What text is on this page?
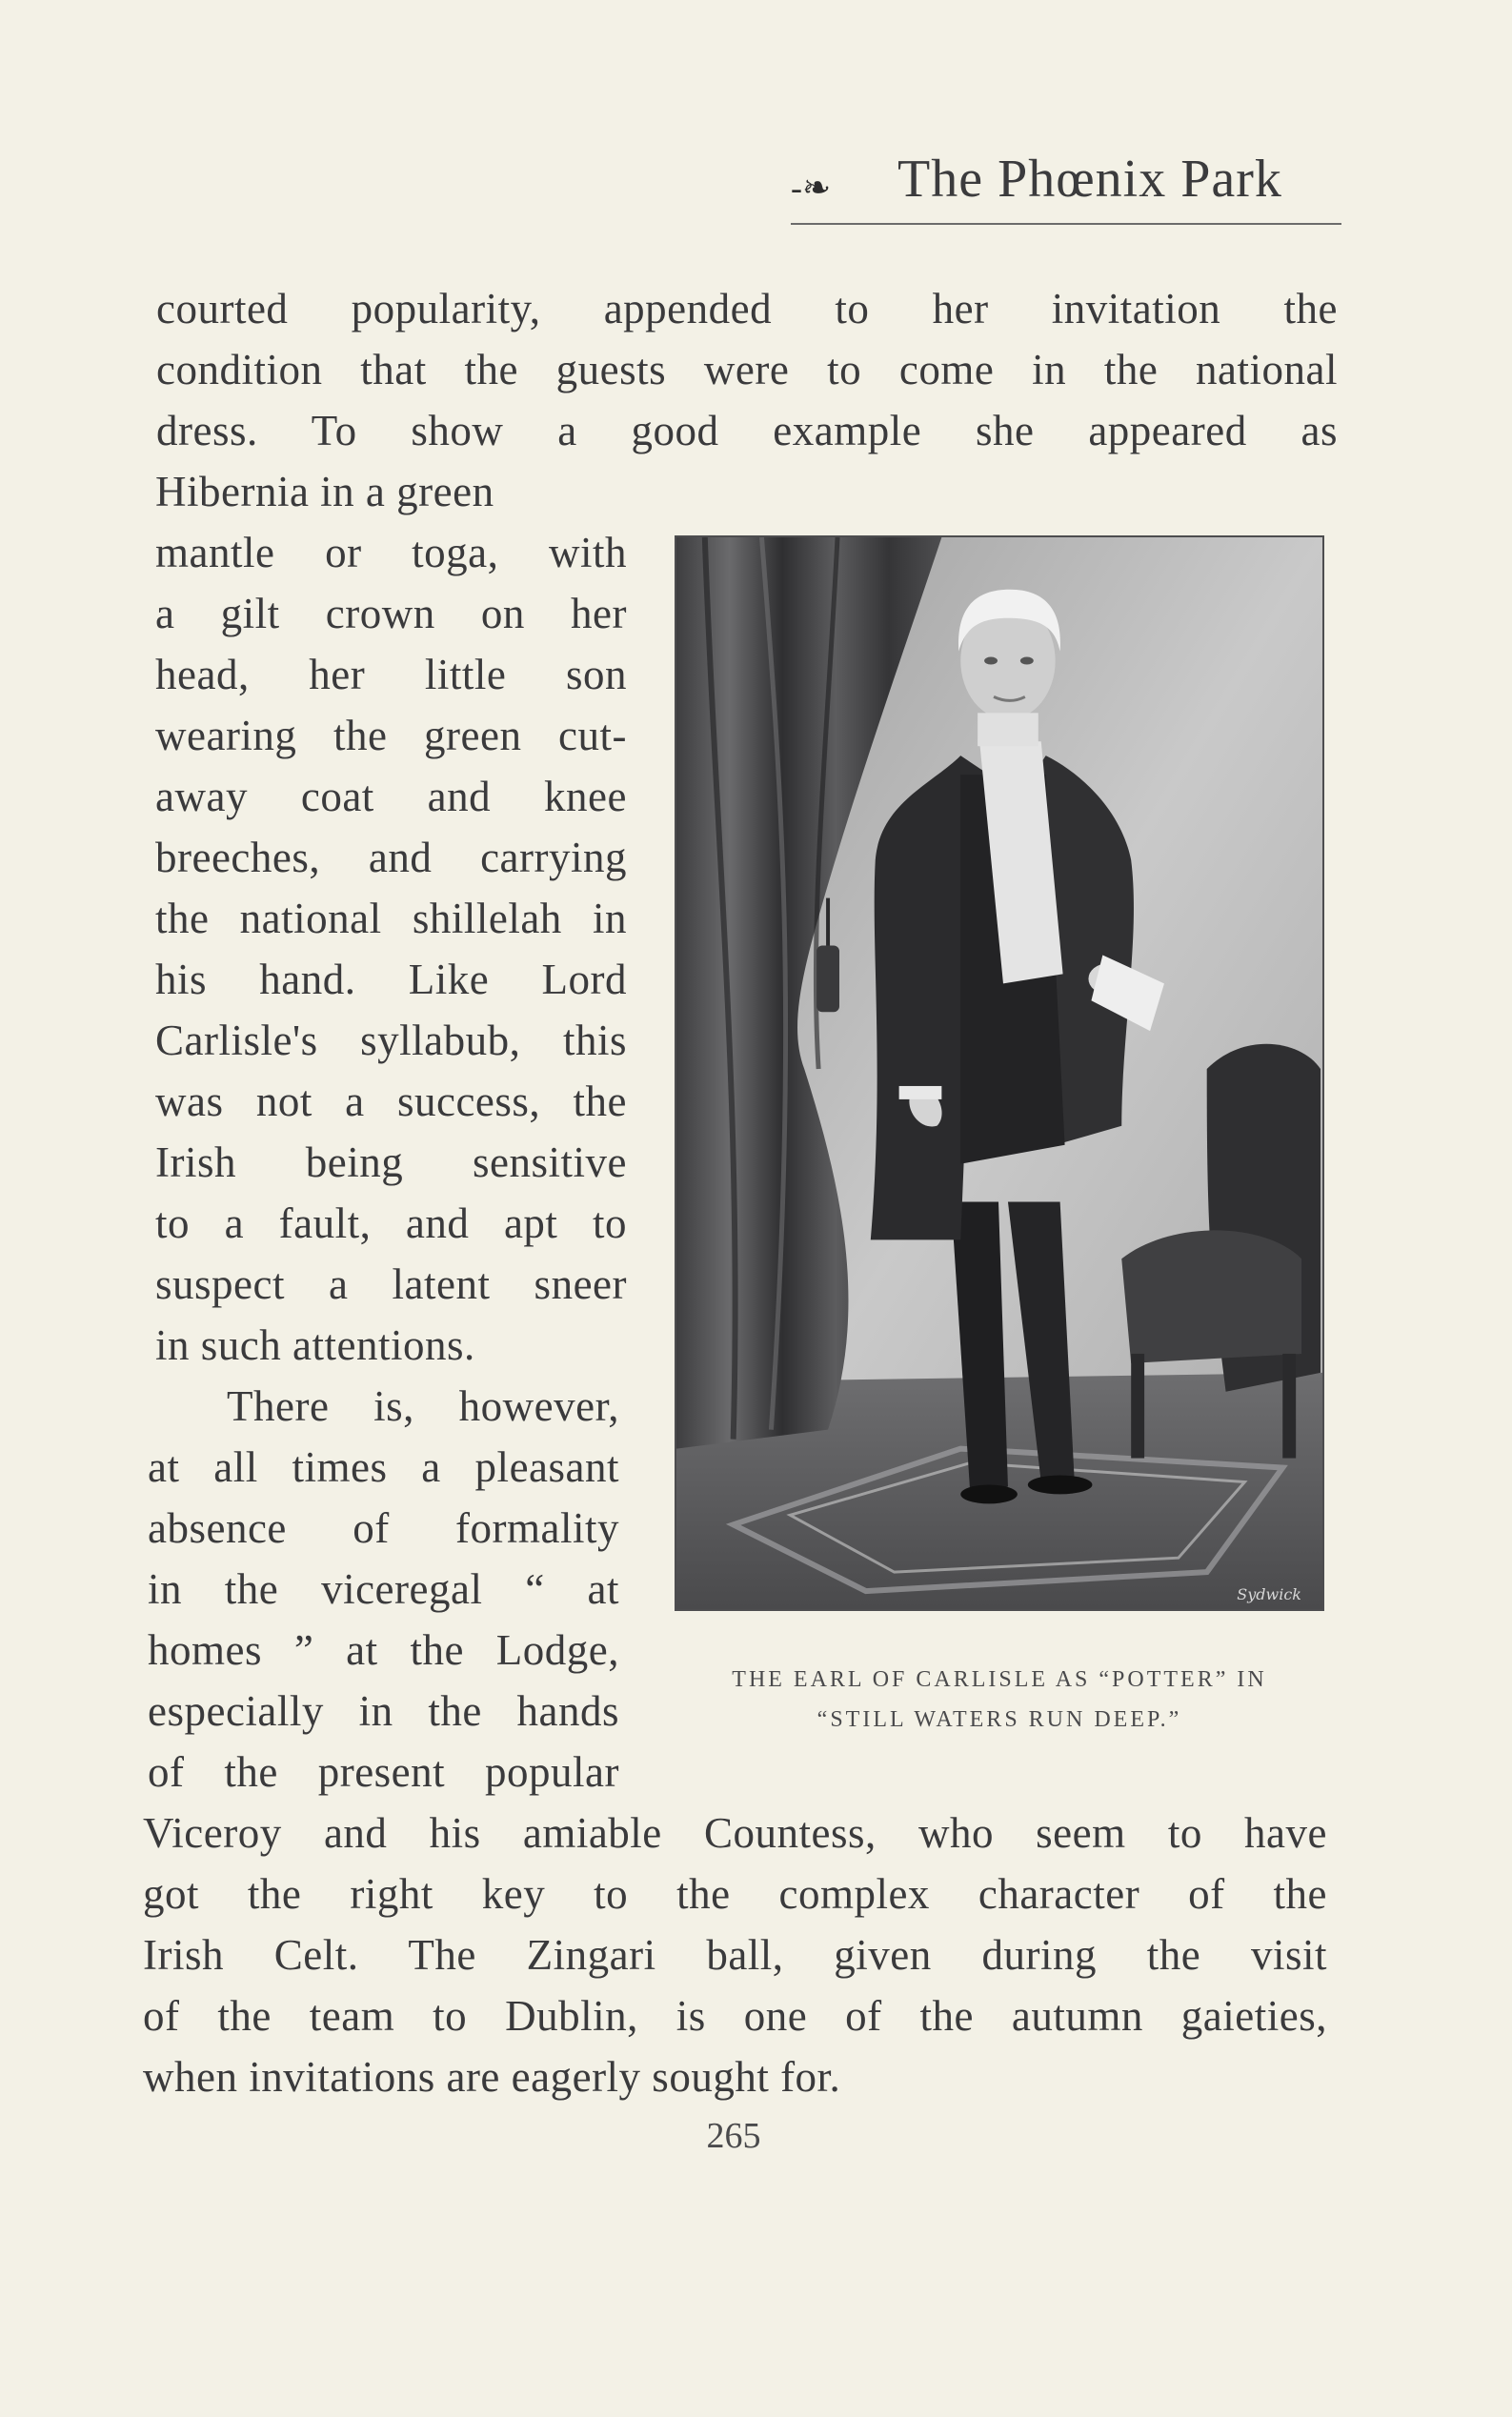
-❧ The Phœnix Park
courted popularity, appended to her invitation the
condition that the guests were to come in the national
dress. To show a good example she appeared as
Hibernia in a green
mantle or toga, with
a gilt crown on her
head, her little son
wearing the green cut-
away coat and knee
breeches, and carrying
the national shillelah in
his hand. Like Lord
Carlisle's syllabub, this
was not a success, the
Irish being sensitive
to a fault, and apt to
suspect a latent sneer
in such attentions.
There is, however,
at all times a pleasant
absence of formality
in the viceregal “ at
homes ” at the Lodge,
especially in the hands
of the present popular
Viceroy and his amiable Countess, who seem to have
got the right key to the complex character of the
Irish Celt. The Zingari ball, given during the visit
of the team to Dublin, is one of the autumn gaieties,
when invitations are eagerly sought for.
Sydwick
THE EARL OF CARLISLE AS “POTTER” IN
“STILL WATERS RUN DEEP.”
265
